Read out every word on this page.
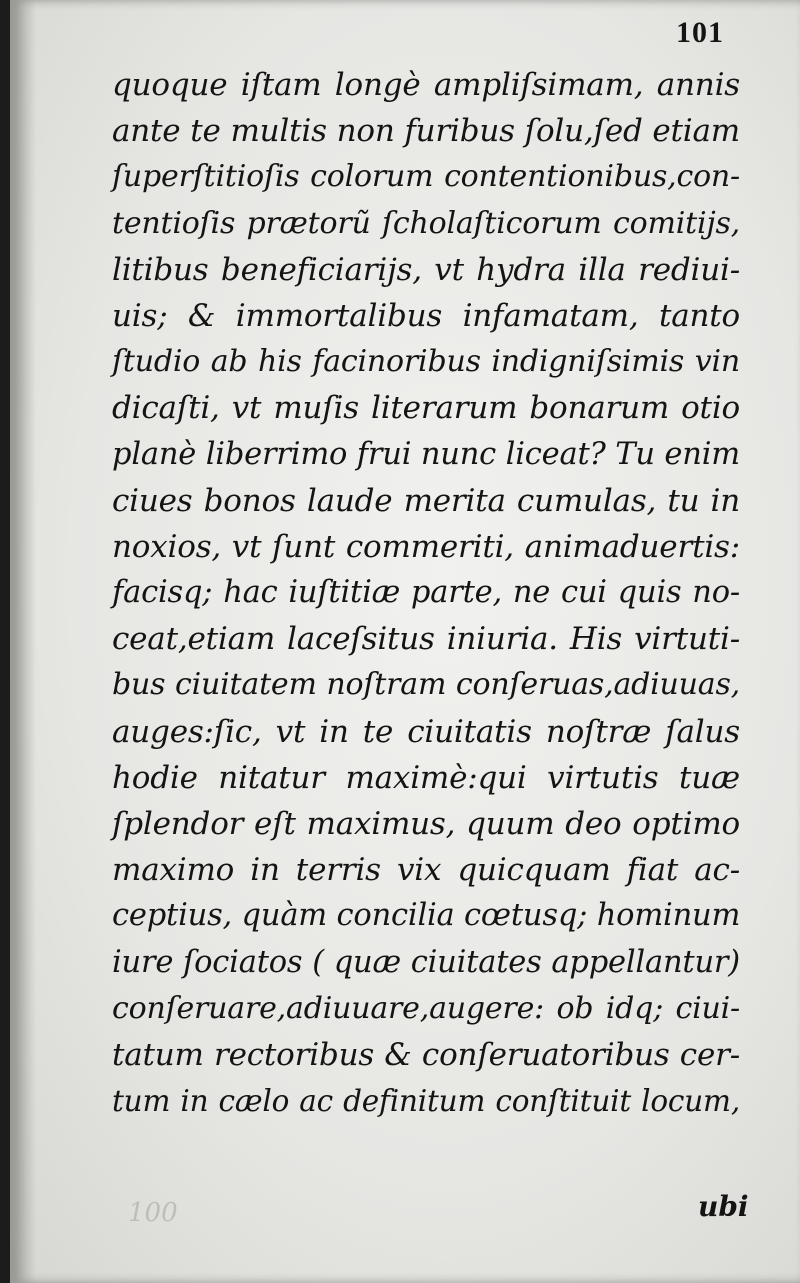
101
quoque iſtam longè ampliſsimam, annis
ante te multis non furibus ſolu,ſed etiam
ſuperſtitioſis colorum contentionibus,con-
tentioſis prætorũ ſcholaſticorum comitijs,
litibus beneficiarijs, vt hydra illa rediui-
uis; & immortalibus infamatam, tanto
ſtudio ab his facinoribus indigniſsimis vin
dicaſti, vt muſis literarum bonarum otio
planè liberrimo frui nunc liceat? Tu enim
ciues bonos laude merita cumulas, tu in
noxios, vt ſunt commeriti, animaduertis:
facisq; hac iuſtitiæ parte, ne cui quis no-
ceat,etiam laceſsitus iniuria. His virtuti-
bus ciuitatem noſtram conſeruas,adiuuas,
auges:ſic, vt in te ciuitatis noſtræ ſalus
hodie nitatur maximè:qui virtutis tuæ
ſplendor eſt maximus, quum deo optimo
maximo in terris vix quicquam fiat ac-
ceptius, quàm concilia cœtusq; hominum
iure ſociatos ( quæ ciuitates appellantur)
conſeruare,adiuuare,augere: ob idq; ciui-
tatum rectoribus & conſeruatoribus cer-
tum in cælo ac definitum conſtituit locum,
ubi
100
